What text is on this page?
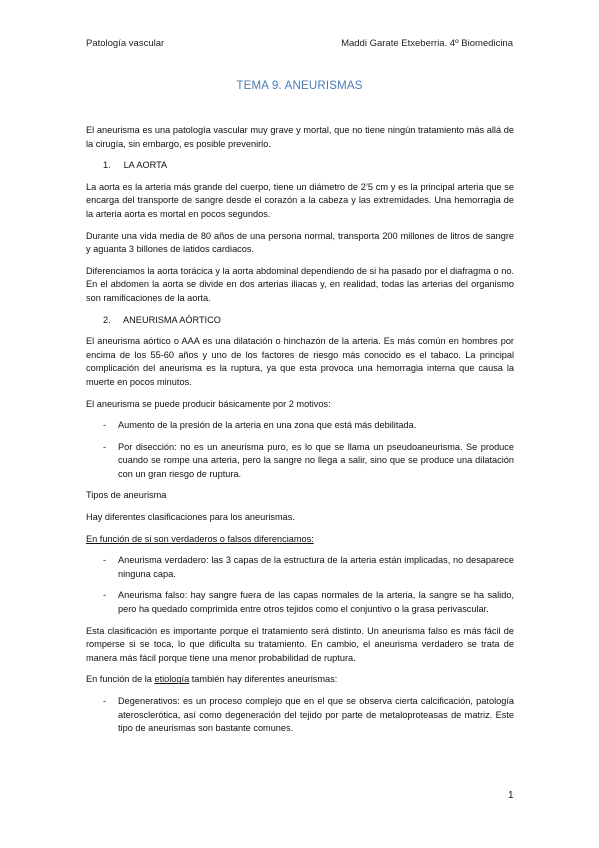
Patología vascular	Maddi Garate Etxeberria. 4º Biomedicina
TEMA 9. ANEURISMAS

El aneurisma es una patología vascular muy grave y mortal, que no tiene ningún tratamiento más allá de la cirugía, sin embargo, es posible prevenirlo.

1. LA AORTA

La aorta es la arteria más grande del cuerpo, tiene un diámetro de 2’5 cm y es la principal arteria que se encarga del transporte de sangre desde el corazón a la cabeza y las extremidades. Una hemorragia de la arteria aorta es mortal en pocos segundos.

Durante una vida media de 80 años de una persona normal, transporta 200 millones de litros de sangre y aguanta 3 billones de latidos cardiacos.

Diferenciamos la aorta torácica y la aorta abdominal dependiendo de si ha pasado por el diafragma o no. En el abdomen la aorta se divide en dos arterias iliacas y, en realidad, todas las arterias del organismo son ramificaciones de la aorta.

2. ANEURISMA AÓRTICO

El aneurisma aórtico o AAA es una dilatación o hinchazón de la arteria. Es más común en hombres por encima de los 55-60 años y uno de los factores de riesgo más conocido es el tabaco. La principal complicación del aneurisma es la ruptura, ya que esta provoca una hemorragia interna que causa la muerte en pocos minutos.

El aneurisma se puede producir básicamente por 2 motivos:

- Aumento de la presión de la arteria en una zona que está más debilitada.
- Por disección: no es un aneurisma puro, es lo que se llama un pseudoaneurisma. Se produce cuando se rompe una arteria, pero la sangre no llega a salir, sino que se produce una dilatación con un gran riesgo de ruptura.

Tipos de aneurisma

Hay diferentes clasificaciones para los aneurismas.

En función de si son verdaderos o falsos diferenciamos:

- Aneurisma verdadero: las 3 capas de la estructura de la arteria están implicadas, no desaparece ninguna capa.
- Aneurisma falso: hay sangre fuera de las capas normales de la arteria, la sangre se ha salido, pero ha quedado comprimida entre otros tejidos como el conjuntivo o la grasa perivascular.

Esta clasificación es importante porque el tratamiento será distinto. Un aneurisma falso es más fácil de romperse si se toca, lo que dificulta su tratamiento. En cambio, el aneurisma verdadero se trata de manera más fácil porque tiene una menor probabilidad de ruptura.

En función de la etiología también hay diferentes aneurismas:

- Degenerativos: es un proceso complejo que en el que se observa cierta calcificación, patología aterosclerótica, así como degeneración del tejido por parte de metaloproteasas de matriz. Este tipo de aneurismas son bastante comunes.
1
